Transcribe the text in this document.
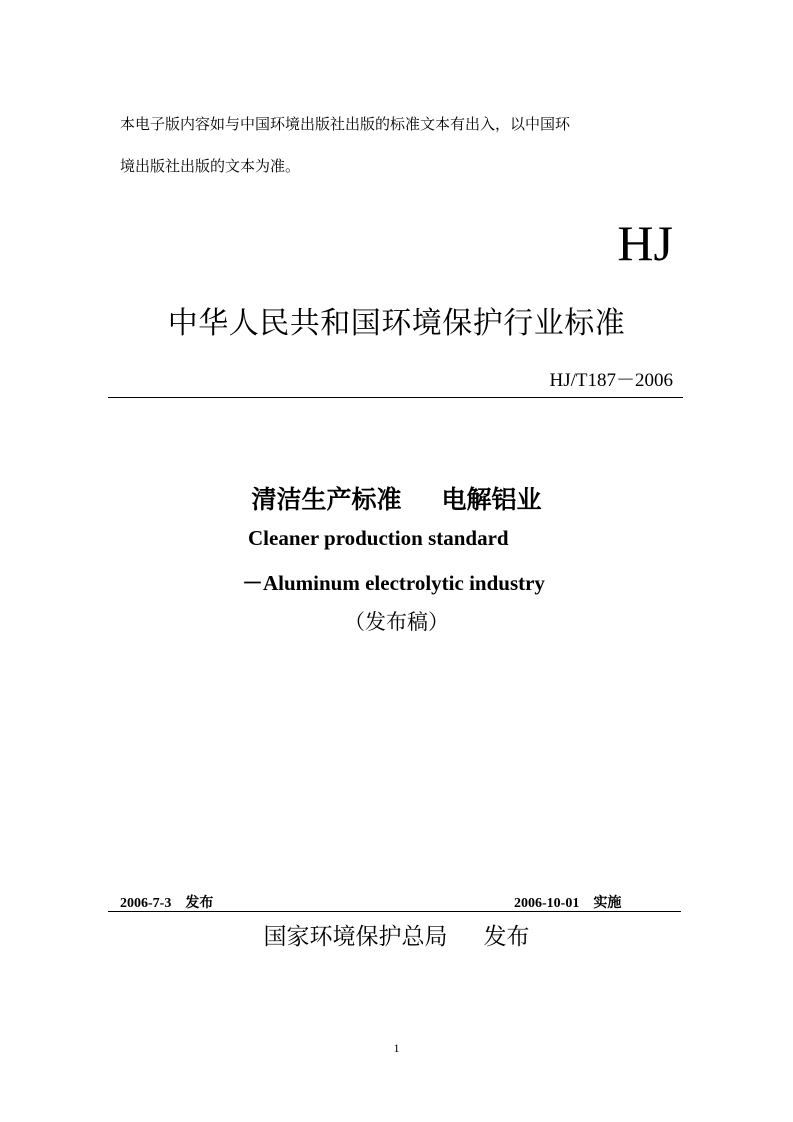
本电子版内容如与中国环境出版社出版的标准文本有出入，以中国环
境出版社出版的文本为准。
HJ
中华人民共和国环境保护行业标准
HJ/T187－2006
清洁生产标准 电解铝业
Cleaner production standard
－Aluminum electrolytic industry
（发布稿）
2006-7-3 发布	2006-10-01 实施
国家环境保护总局 发布
1
